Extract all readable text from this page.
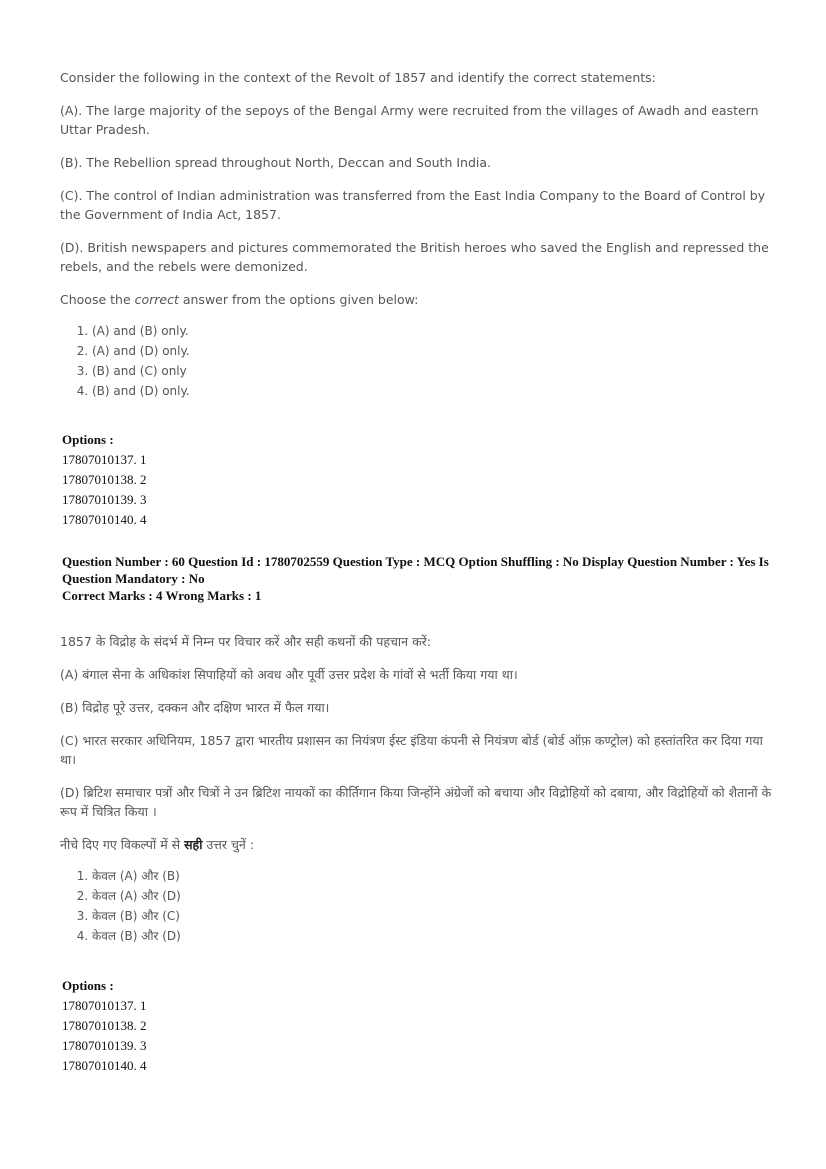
Consider the following in the context of the Revolt of 1857 and identify the correct statements:

(A). The large majority of the sepoys of the Bengal Army were recruited from the villages of Awadh and eastern Uttar Pradesh.

(B). The Rebellion spread throughout North, Deccan and South India.

(C). The control of Indian administration was transferred from the East India Company to the Board of Control by the Government of India Act, 1857.

(D). British newspapers and pictures commemorated the British heroes who saved the English and repressed the rebels, and the rebels were demonized.

Choose the correct answer from the options given below:

1. (A) and (B) only.
2. (A) and (D) only.
3. (B) and (C) only
4. (B) and (D) only.
Options :
17807010137. 1
17807010138. 2
17807010139. 3
17807010140. 4
Question Number : 60 Question Id : 1780702559 Question Type : MCQ Option Shuffling : No Display Question Number : Yes Is Question Mandatory : No
Correct Marks : 4 Wrong Marks : 1

1857 के विद्रोह के संदर्भ में निम्न पर विचार करें और सही कथनों की पहचान करें:

(A) बंगाल सेना के अधिकांश सिपाहियों को अवध और पूर्वी उत्तर प्रदेश के गांवों से भर्ती किया गया था।

(B) विद्रोह पूरे उत्तर, दक्कन और दक्षिण भारत में फैल गया।

(C) भारत सरकार अधिनियम, 1857 द्वारा भारतीय प्रशासन का नियंत्रण ईस्ट इंडिया कंपनी से नियंत्रण बोर्ड (बोर्ड ऑफ़ कण्ट्रोल) को हस्तांतरित कर दिया गया था।

(D) ब्रिटिश समाचार पत्रों और चित्रों ने उन ब्रिटिश नायकों का कीर्तिगान किया जिन्होंने अंग्रेजों को बचाया और विद्रोहियों को दबाया, और विद्रोहियों को शैतानों के रूप में चित्रित किया ।

नीचे दिए गए विकल्पों में से सही उत्तर चुनें :

1. केवल (A) और (B)
2. केवल (A) और (D)
3. केवल (B) और (C)
4. केवल (B) और (D)
Options :
17807010137. 1
17807010138. 2
17807010139. 3
17807010140. 4
